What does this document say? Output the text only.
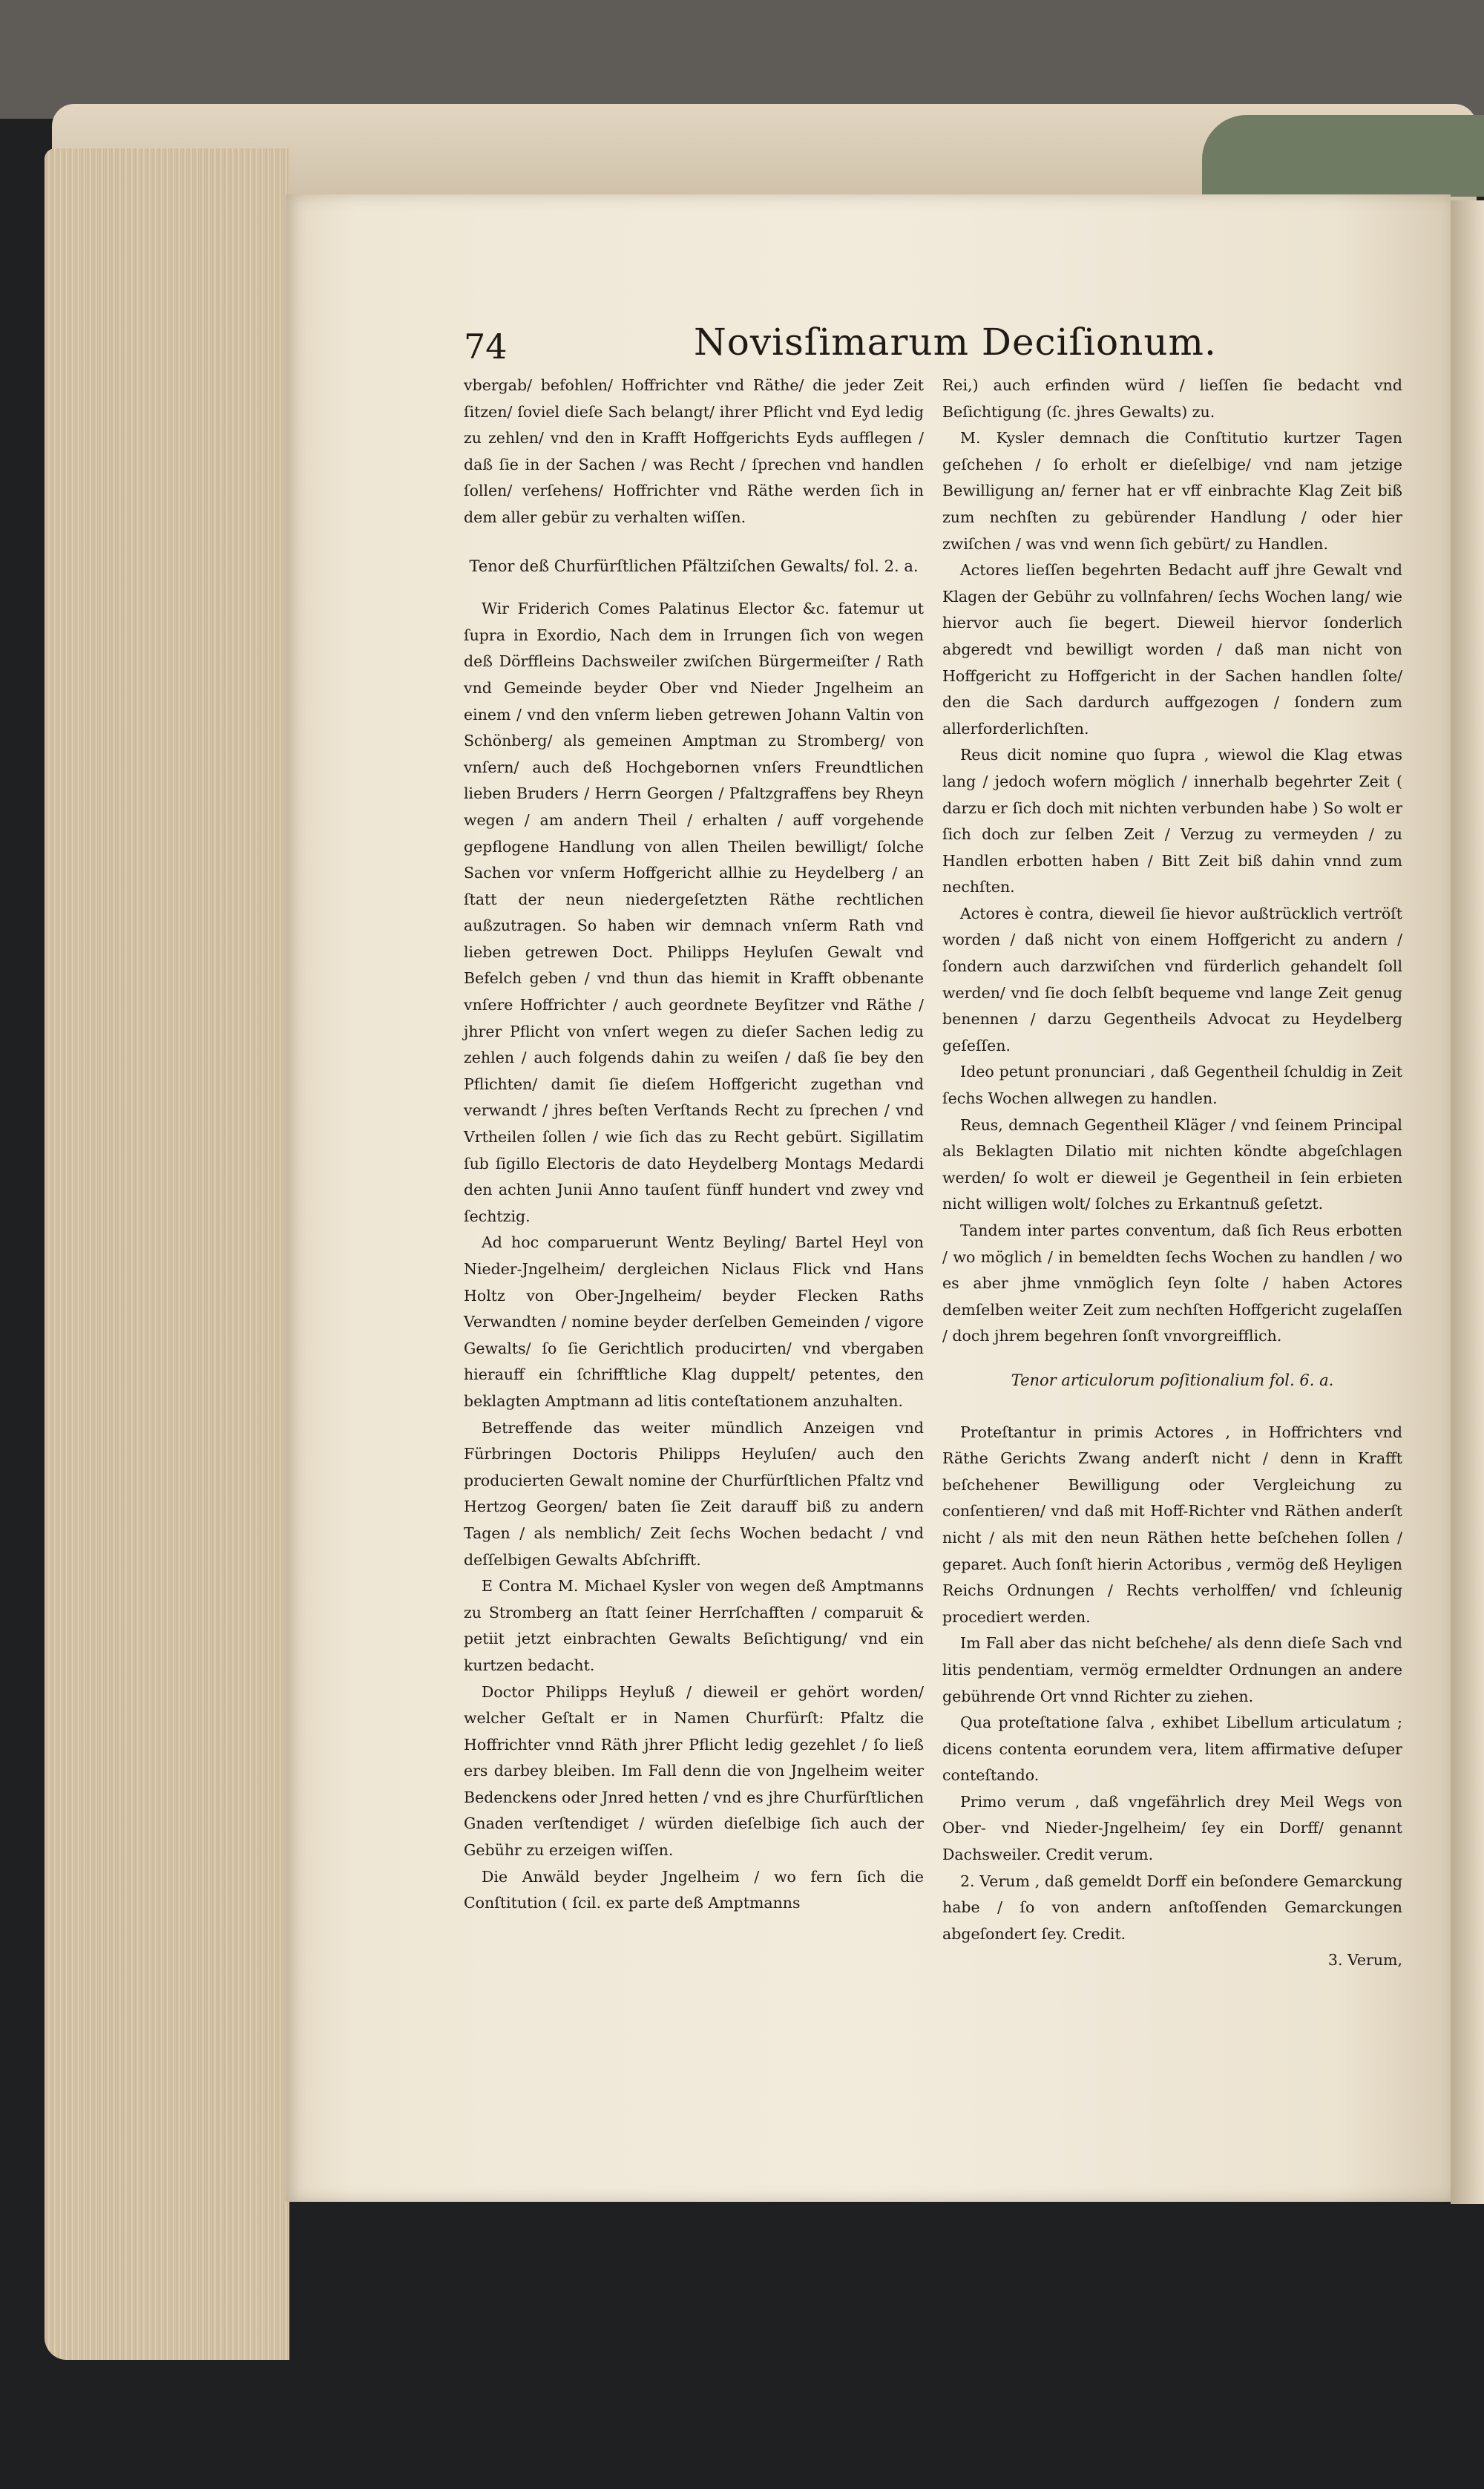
74	Novisſimarum Deciſionum.

vbergab/ befohlen/ Hoffrichter vnd Räthe/ die jeder Zeit ſitzen/ ſoviel dieſe Sach belangt/ ihrer Pflicht vnd Eyd ledig zu zehlen/ vnd den in Krafft Hoffgerichts Eyds aufflegen / daß ſie in der Sachen / was Recht / ſprechen vnd handlen ſollen/ verſehens/ Hoffrichter vnd Räthe werden ſich in dem aller gebür zu verhalten wiſſen.

Tenor deß Churfürſtlichen Pfältziſchen Gewalts/ fol. 2. a.

Wir Friderich Comes Palatinus Elector &c. fatemur ut ſupra in Exordio, Nach dem in Irrungen ſich von wegen deß Dörffleins Dachsweiler zwiſchen Bürgermeiſter / Rath vnd Gemeinde beyder Ober vnd Nieder Jngelheim an einem / vnd den vnſerm lieben getrewen Johann Valtin von Schönberg/ als gemeinen Amptman zu Stromberg/ von vnſern/ auch deß Hochgebornen vnſers Freundtlichen lieben Bruders / Herrn Georgen / Pfaltzgraffens bey Rheyn wegen / am andern Theil / erhalten / auff vorgehende gepflogene Handlung von allen Theilen bewilligt/ ſolche Sachen vor vnſerm Hoffgericht allhie zu Heydelberg / an ſtatt der neun niedergeſetzten Räthe rechtlichen außzutragen. So haben wir demnach vnſerm Rath vnd lieben getrewen Doct. Philipps Heyluſen Gewalt vnd Befelch geben / vnd thun das hiemit in Krafft obbenante vnſere Hoffrichter / auch geordnete Beyſitzer vnd Räthe / jhrer Pflicht von vnſert wegen zu dieſer Sachen ledig zu zehlen / auch folgends dahin zu weiſen / daß ſie bey den Pflichten/ damit ſie dieſem Hoffgericht zugethan vnd verwandt / jhres beſten Verſtands Recht zu ſprechen / vnd Vrtheilen ſollen / wie ſich das zu Recht gebürt. Sigillatim ſub ſigillo Electoris de dato Heydelberg Montags Medardi den achten Junii Anno tauſent fünff hundert vnd zwey vnd ſechtzig.

Ad hoc comparuerunt Wentz Beyling/ Bartel Heyl von Nieder-Jngelheim/ dergleichen Niclaus Flick vnd Hans Holtz von Ober-Jngelheim/ beyder Flecken Raths Verwandten / nomine beyder derſelben Gemeinden / vigore Gewalts/ ſo ſie Gerichtlich producirten/ vnd vbergaben hierauff ein ſchrifftliche Klag duppelt/ petentes, den beklagten Amptmann ad litis conteſtationem anzuhalten.

Betreffende das weiter mündlich Anzeigen vnd Fürbringen Doctoris Philipps Heyluſen/ auch den producierten Gewalt nomine der Churfürſtlichen Pfaltz vnd Hertzog Georgen/ baten ſie Zeit darauff biß zu andern Tagen / als nemblich/ Zeit ſechs Wochen bedacht / vnd deſſelbigen Gewalts Abſchrifft.

E Contra M. Michael Kysler von wegen deß Amptmanns zu Stromberg an ſtatt ſeiner Herrſchafften / comparuit & petiit jetzt einbrachten Gewalts Beſichtigung/ vnd ein kurtzen bedacht.

Doctor Philipps Heyluß / dieweil er gehört worden/ welcher Geſtalt er in Namen Churfürſt: Pfaltz die Hoffrichter vnnd Räth jhrer Pflicht ledig gezehlet / ſo ließ ers darbey bleiben. Im Fall denn die von Jngelheim weiter Bedenckens oder Jnred hetten / vnd es jhre Churfürſtlichen Gnaden verſtendiget / würden dieſelbige ſich auch der Gebühr zu erzeigen wiſſen.

Die Anwäld beyder Jngelheim / wo fern ſich die Conſtitution ( ſcil. ex parte deß Amptmanns

Rei,) auch erfinden würd / lieſſen ſie bedacht vnd Beſichtigung (ſc. jhres Gewalts) zu.

M. Kysler demnach die Conſtitutio kurtzer Tagen geſchehen / ſo erholt er dieſelbige/ vnd nam jetzige Bewilligung an/ ferner hat er vff einbrachte Klag Zeit biß zum nechſten zu gebürender Handlung / oder hier zwiſchen / was vnd wenn ſich gebürt/ zu Handlen.

Actores lieſſen begehrten Bedacht auff jhre Gewalt vnd Klagen der Gebühr zu vollnfahren/ ſechs Wochen lang/ wie hiervor auch ſie begert. Dieweil hiervor ſonderlich abgeredt vnd bewilligt worden / daß man nicht von Hoffgericht zu Hoffgericht in der Sachen handlen ſolte/ den die Sach dardurch auffgezogen / ſondern zum allerforderlichſten.

Reus dicit nomine quo ſupra , wiewol die Klag etwas lang / jedoch wofern möglich / innerhalb begehrter Zeit ( darzu er ſich doch mit nichten verbunden habe ) So wolt er ſich doch zur ſelben Zeit / Verzug zu vermeyden / zu Handlen erbotten haben / Bitt Zeit biß dahin vnnd zum nechſten.

Actores è contra, dieweil ſie hievor außtrücklich vertröſt worden / daß nicht von einem Hoffgericht zu andern / ſondern auch darzwiſchen vnd fürderlich gehandelt ſoll werden/ vnd ſie doch ſelbſt bequeme vnd lange Zeit genug benennen / darzu Gegentheils Advocat zu Heydelberg geſeſſen.

Ideo petunt pronunciari , daß Gegentheil ſchuldig in Zeit ſechs Wochen allwegen zu handlen.

Reus, demnach Gegentheil Kläger / vnd ſeinem Principal als Beklagten Dilatio mit nichten köndte abgeſchlagen werden/ ſo wolt er dieweil je Gegentheil in ſein erbieten nicht willigen wolt/ ſolches zu Erkantnuß geſetzt.

Tandem inter partes conventum, daß ſich Reus erbotten / wo möglich / in bemeldten ſechs Wochen zu handlen / wo es aber jhme vnmöglich ſeyn ſolte / haben Actores demſelben weiter Zeit zum nechſten Hoffgericht zugelaſſen / doch jhrem begehren ſonſt vnvorgreifflich.

Tenor articulorum poſitionalium fol. 6. a.

Proteſtantur in primis Actores , in Hoffrichters vnd Räthe Gerichts Zwang anderſt nicht / denn in Krafft beſchehener Bewilligung oder Vergleichung zu conſentieren/ vnd daß mit Hoff-Richter vnd Räthen anderſt nicht / als mit den neun Räthen hette beſchehen ſollen / geparet. Auch ſonſt hierin Actoribus , vermög deß Heyligen Reichs Ordnungen / Rechts verholffen/ vnd ſchleunig procediert werden.

Im Fall aber das nicht beſchehe/ als denn dieſe Sach vnd litis pendentiam, vermög ermeldter Ordnungen an andere gebührende Ort vnnd Richter zu ziehen.

Qua proteſtatione ſalva , exhibet Libellum articulatum ; dicens contenta eorundem vera, litem affirmative deſuper conteſtando.

Primo verum , daß vngefährlich drey Meil Wegs von Ober- vnd Nieder-Jngelheim/ ſey ein Dorff/ genannt Dachsweiler. Credit verum.

2. Verum , daß gemeldt Dorff ein beſondere Gemarckung habe / ſo von andern anſtoſſenden Gemarckungen abgeſondert ſey. Credit.

3. Verum,
